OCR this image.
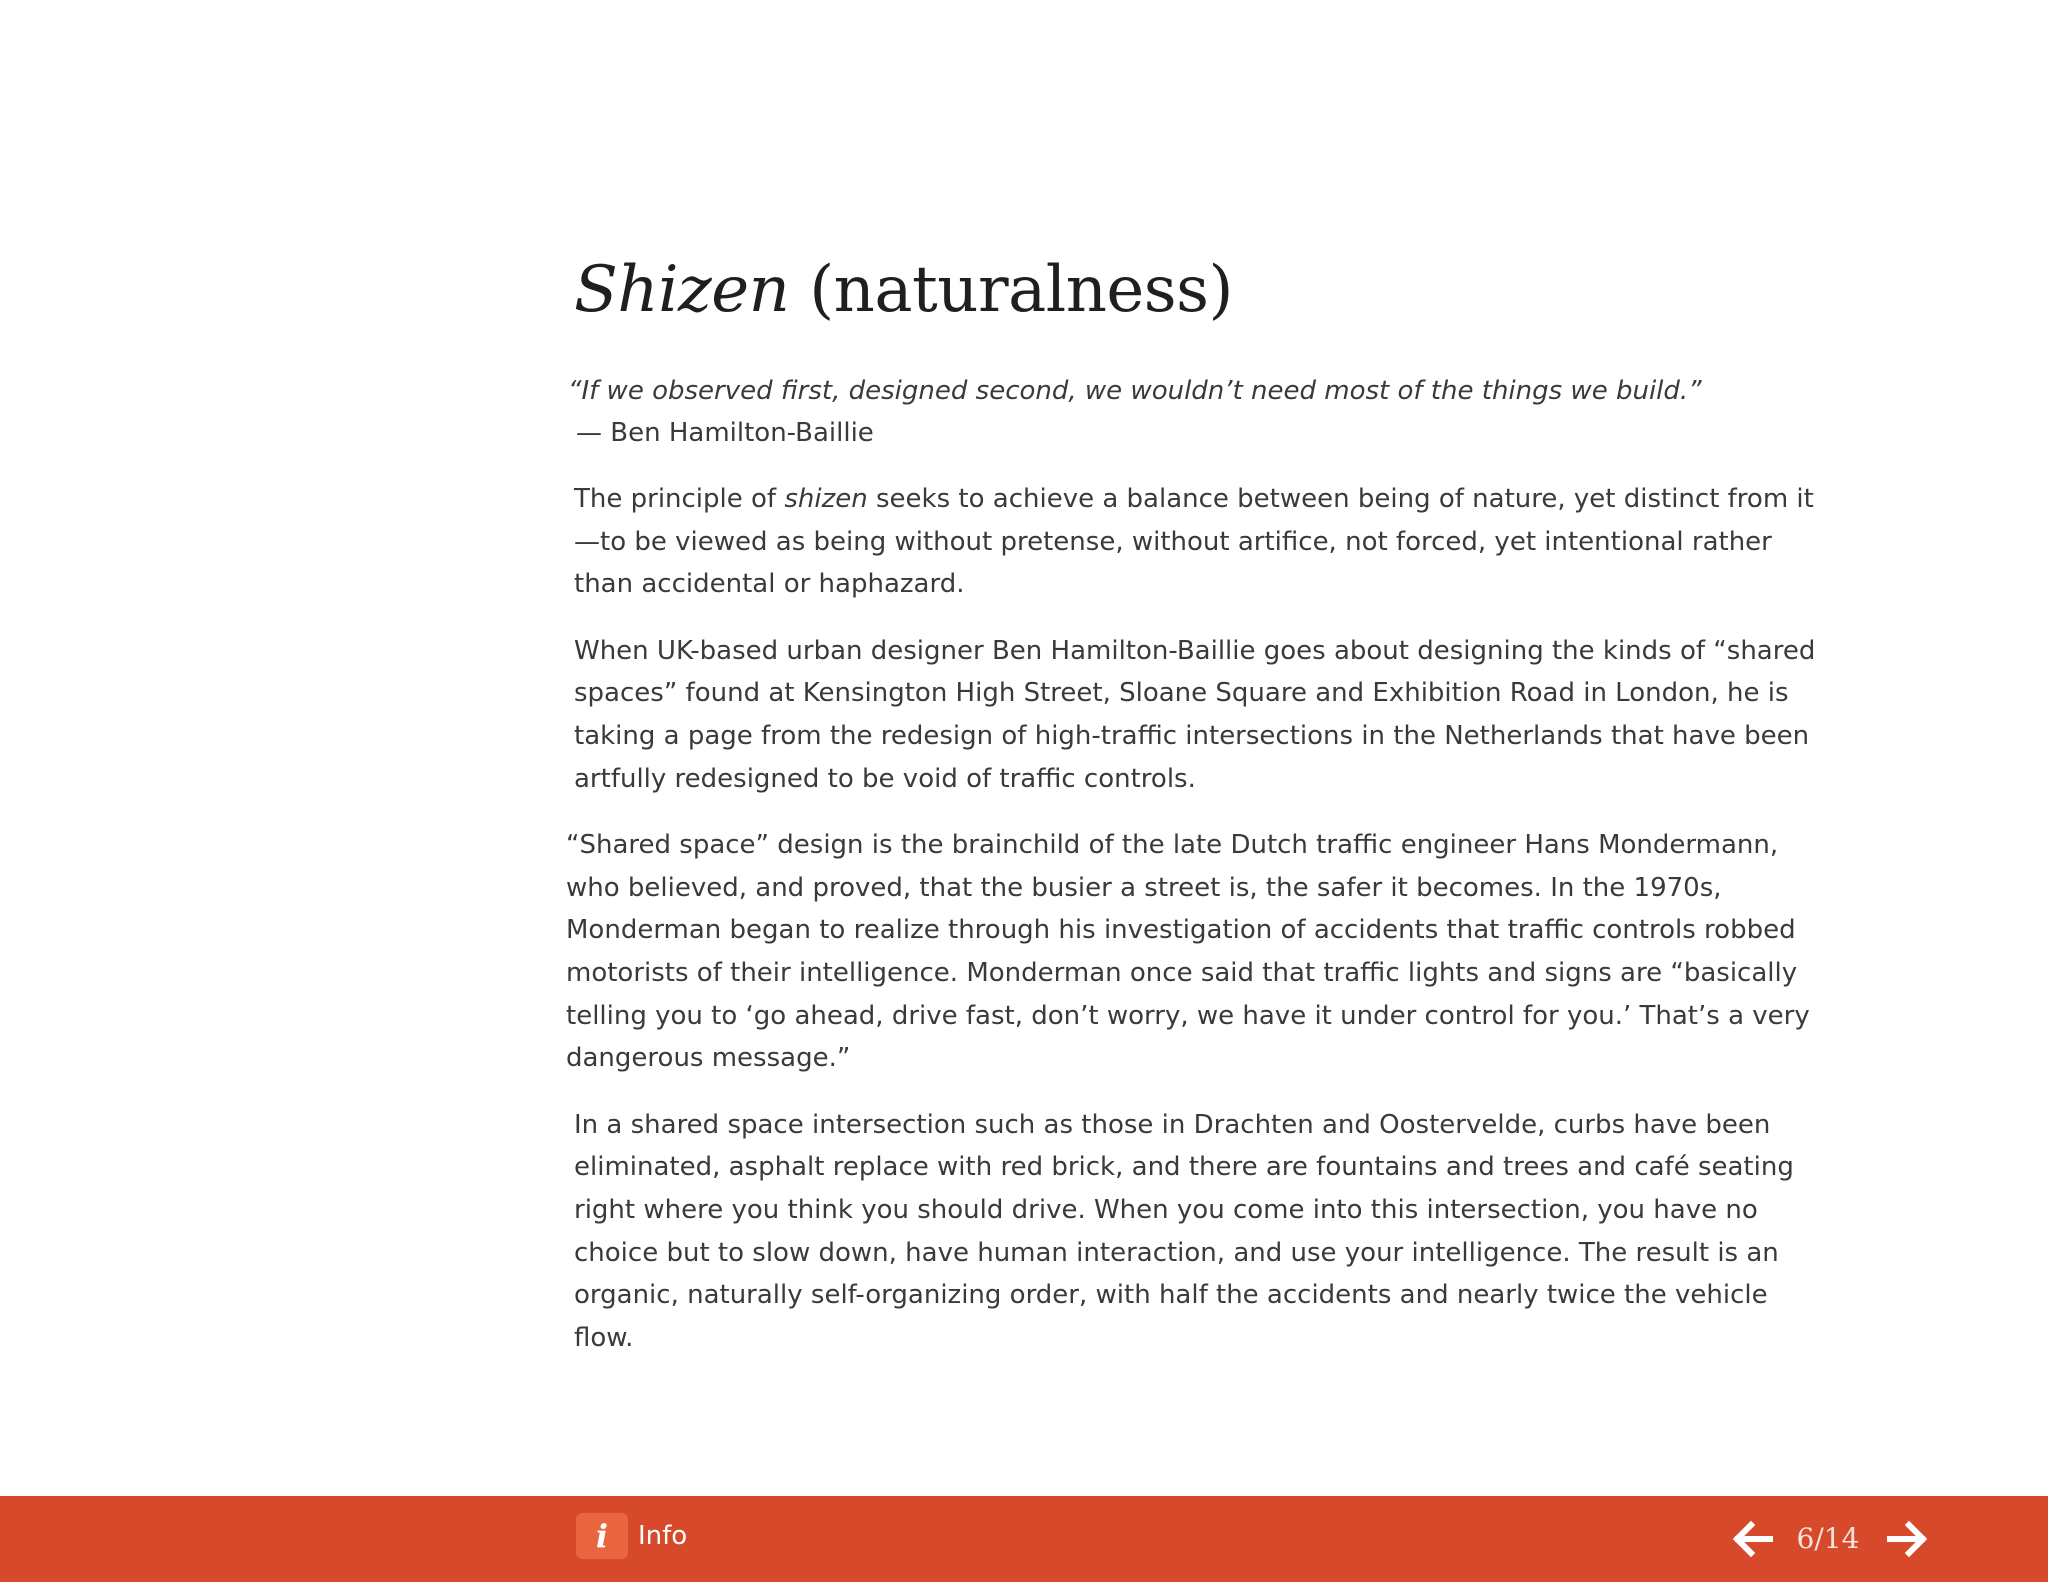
Shizen (naturalness)

“If we observed first, designed second, we wouldn’t need most of the things we build.”

— Ben Hamilton-Baillie

The principle of shizen seeks to achieve a balance between being of nature, yet distinct from it—to be viewed as being without pretense, without artifice, not forced, yet intentional rather than accidental or haphazard.

When UK-based urban designer Ben Hamilton-Baillie goes about designing the kinds of “shared spaces” found at Kensington High Street, Sloane Square and Exhibition Road in London, he is taking a page from the redesign of high-traffic intersections in the Netherlands that have been artfully redesigned to be void of traffic controls.

“Shared space” design is the brainchild of the late Dutch traffic engineer Hans Mondermann, who believed, and proved, that the busier a street is, the safer it becomes. In the 1970s, Monderman began to realize through his investigation of accidents that traffic controls robbed motorists of their intelligence. Monderman once said that traffic lights and signs are “basically telling you to ‘go ahead, drive fast, don’t worry, we have it under control for you.’ That’s a very dangerous message.”

In a shared space intersection such as those in Drachten and Oostervelde, curbs have been eliminated, asphalt replace with red brick, and there are fountains and trees and café seating right where you think you should drive. When you come into this intersection, you have no choice but to slow down, have human interaction, and use your intelligence. The result is an organic, naturally self-organizing order, with half the accidents and nearly twice the vehicle flow.

i	Info	6/14
